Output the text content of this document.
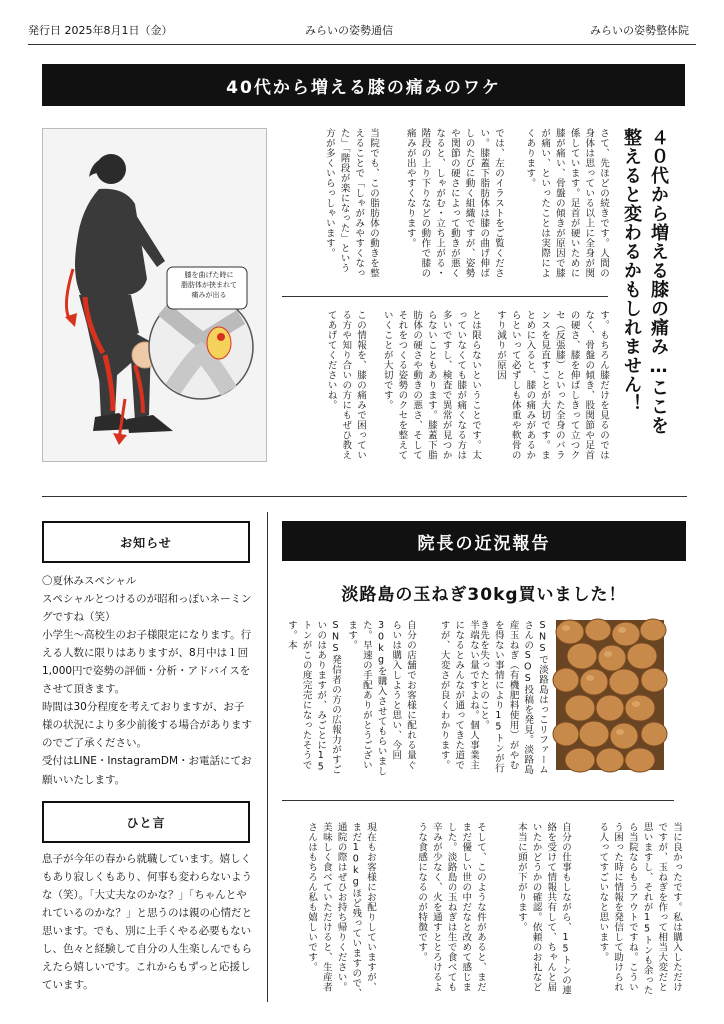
発行日 2025年8月1日（金）	みらいの姿勢通信	みらいの姿勢整体院
40代から増える膝の痛みのワケ
膝を曲げた時に
脂肪体が挟まれて
痛みが出る	４０代から増える膝の痛み…ここを
整えると変わるかもしれません！
さて、先ほどの続きです。人間の身体は思っている以上に全身が関係しています。足首が硬いために膝が痛い、骨盤の傾きが原因で膝が痛い、といったことは実際によくあります。
では、左のイラストをご覧ください。膝蓋下脂肪体は膝の曲げ伸ばしのたびに動く組織ですが、姿勢や関節の硬さによって動きが悪くなると、しゃがむ・立ち上がる・階段の上り下りなどの動作で膝の痛みが出やすくなります。
当院でも、この脂肪体の動きを整えることで「しゃがみやすくなった」「階段が楽になった」という方が多くいらっしゃいます。
す。もちろん膝だけを見るのではなく、骨盤の傾き、股関節や足首の硬さ、膝を伸ばしきって立つクセ（反張膝）といった全身のバランスを見直すことが大切です。まとめに入ると、膝の痛みがあるからといって必ずしも体重や軟骨のすり減りが原因
とは限らないということです。太っていなくても膝が痛くなる方は多いですし、検査で異常が見つからないこともあります。膝蓋下脂肪体の硬さや動きの悪さ、そしてそれをつくる姿勢のクセを整えていくことが大切です。
この情報を、膝の痛みで困っている方や知り合いの方にもぜひ教えてあげてくださいね。
お知らせ

〇夏休みスペシャル

スペシャルとつけるのが昭和っぽいネーミングですね（笑）

小学生～高校生のお子様限定になります。行える人数に限りはありますが、8月中は１回1,000円で姿勢の評価・分析・アドバイスをさせて頂きます。

時間は30分程度を考えておりますが、お子様の状況により多少前後する場合がありますのでご了承ください。

受付はLINE・InstagramDM・お電話にてお願いいたします。

ひと言
息子が今年の春から就職しています。嬉しくもあり寂しくもあり、何事も変わらないような（笑）。「大丈夫なのかな？」「ちゃんとやれているのかな？」と思うのは親の心情だと思います。でも、別に上手くやる必要もないし、色々と経験して自分の人生楽しんでもらえたら嬉しいです。これからもずっと応援しています。
院長の近況報告
淡路島の玉ねぎ30kg買いました！
SNSで淡路島はっこリファームさんのSOS投稿を発見。淡路島産玉ねぎ（有機肥料使用）がやむを得ない事情により15トンが行き先を失ったとのこと。
半端ない量ですよね。個人事業主になるとみんなが通ってきた道ですが、大変さが良くわかります。
自分の店舗でお客様に配れる量ぐらいは購入しようと思い、今回30kgを購入させてもらいました。早速の手配ありがとうございます。
SNS発信者の方の広報力がすごいのはありますが、みごとに15トンがこの度完売になったそうです。本
当に良かったです。私は購入しただけですが、玉ねぎを作って相当大変だと思いますし、それが15トンも余ったら当院ならもうアウトですね。こういう困った時に情報を発信して助けられる人ってすごいなと思います。
自分の仕事もしながら、15トンの連絡を受けて情報共有して、ちゃんと届いたかどうかの確認。依頼のお礼など本当に頭が下がります。
そして、このような件があると、まだまだ優しい世の中だなと改めて感じました。淡路島の玉ねぎは生で食べても辛みが少なく、火を通すととろけるような食感になるのが特徴です。
現在もお客様にお配りしていますが、まだ10kgほど残っていますので、通院の際はぜひお持ち帰りください。美味しく食べていただけると、生産者さんはもちろん私も嬉しいです。
